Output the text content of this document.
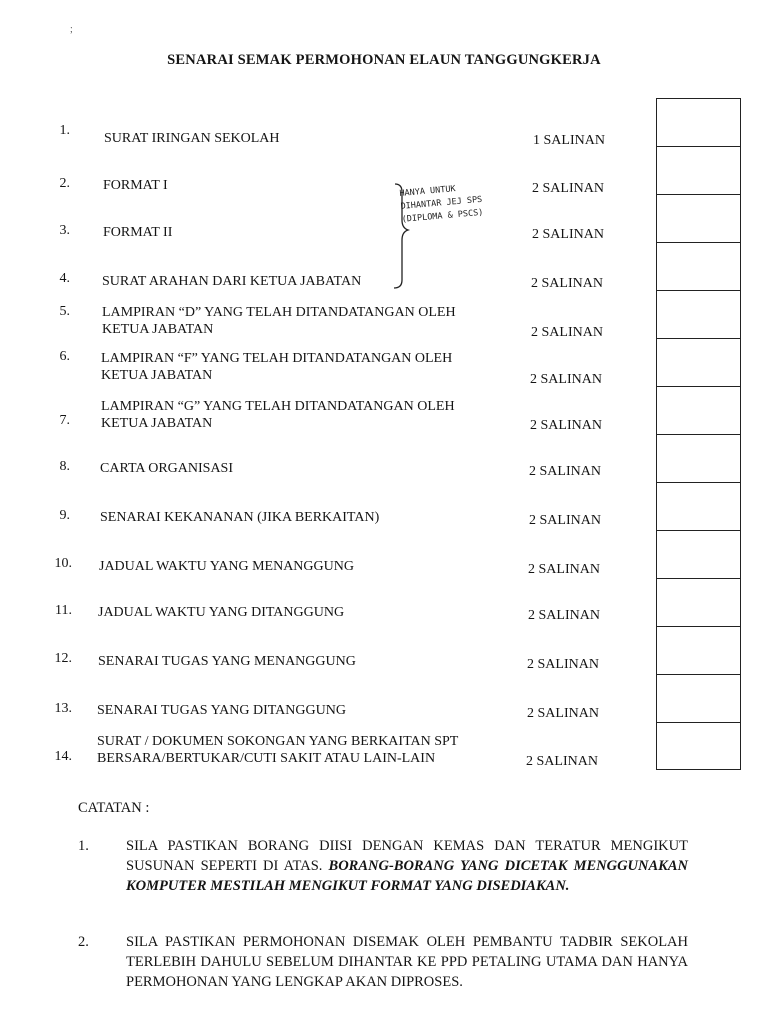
;
SENARAI SEMAK PERMOHONAN ELAUN TANGGUNGKERJA
1.
SURAT IRINGAN SEKOLAH	1 SALINAN
2. FORMAT I	2 SALINAN
3. FORMAT II	2 SALINAN
4. SURAT ARAHAN DARI KETUA JABATAN	2 SALINAN
5. LAMPIRAN “D” YANG TELAH DITANDATANGAN OLEH
KETUA JABATAN	2 SALINAN
6. LAMPIRAN “F” YANG TELAH DITANDATANGAN OLEH
KETUA JABATAN	2 SALINAN
7.
LAMPIRAN “G” YANG TELAH DITANDATANGAN OLEH
KETUA JABATAN	2 SALINAN
8. CARTA ORGANISASI	2 SALINAN
9. SENARAI KEKANANAN (JIKA BERKAITAN)	2 SALINAN
10. JADUAL WAKTU YANG MENANGGUNG	2 SALINAN
11. JADUAL WAKTU YANG DITANGGUNG	2 SALINAN
12. SENARAI TUGAS YANG MENANGGUNG	2 SALINAN
13. SENARAI TUGAS YANG DITANGGUNG	2 SALINAN
14.
SURAT / DOKUMEN SOKONGAN YANG BERKAITAN SPT
BERSARA/BERTUKAR/CUTI SAKIT ATAU LAIN-LAIN	2 SALINAN
HANYA UNTUK
DIHANTAR JEJ SPS
(DIPLOMA & PSCS)
CATATAN :
1.	SILA PASTIKAN BORANG DIISI DENGAN KEMAS DAN TERATUR MENGIKUT SUSUNAN SEPERTI DI ATAS. BORANG-BORANG YANG DICETAK MENGGUNAKAN KOMPUTER MESTILAH MENGIKUT FORMAT YANG DISEDIAKAN.
2.	SILA PASTIKAN PERMOHONAN DISEMAK OLEH PEMBANTU TADBIR SEKOLAH TERLEBIH DAHULU SEBELUM DIHANTAR KE PPD PETALING UTAMA DAN HANYA PERMOHONAN YANG LENGKAP AKAN DIPROSES.
